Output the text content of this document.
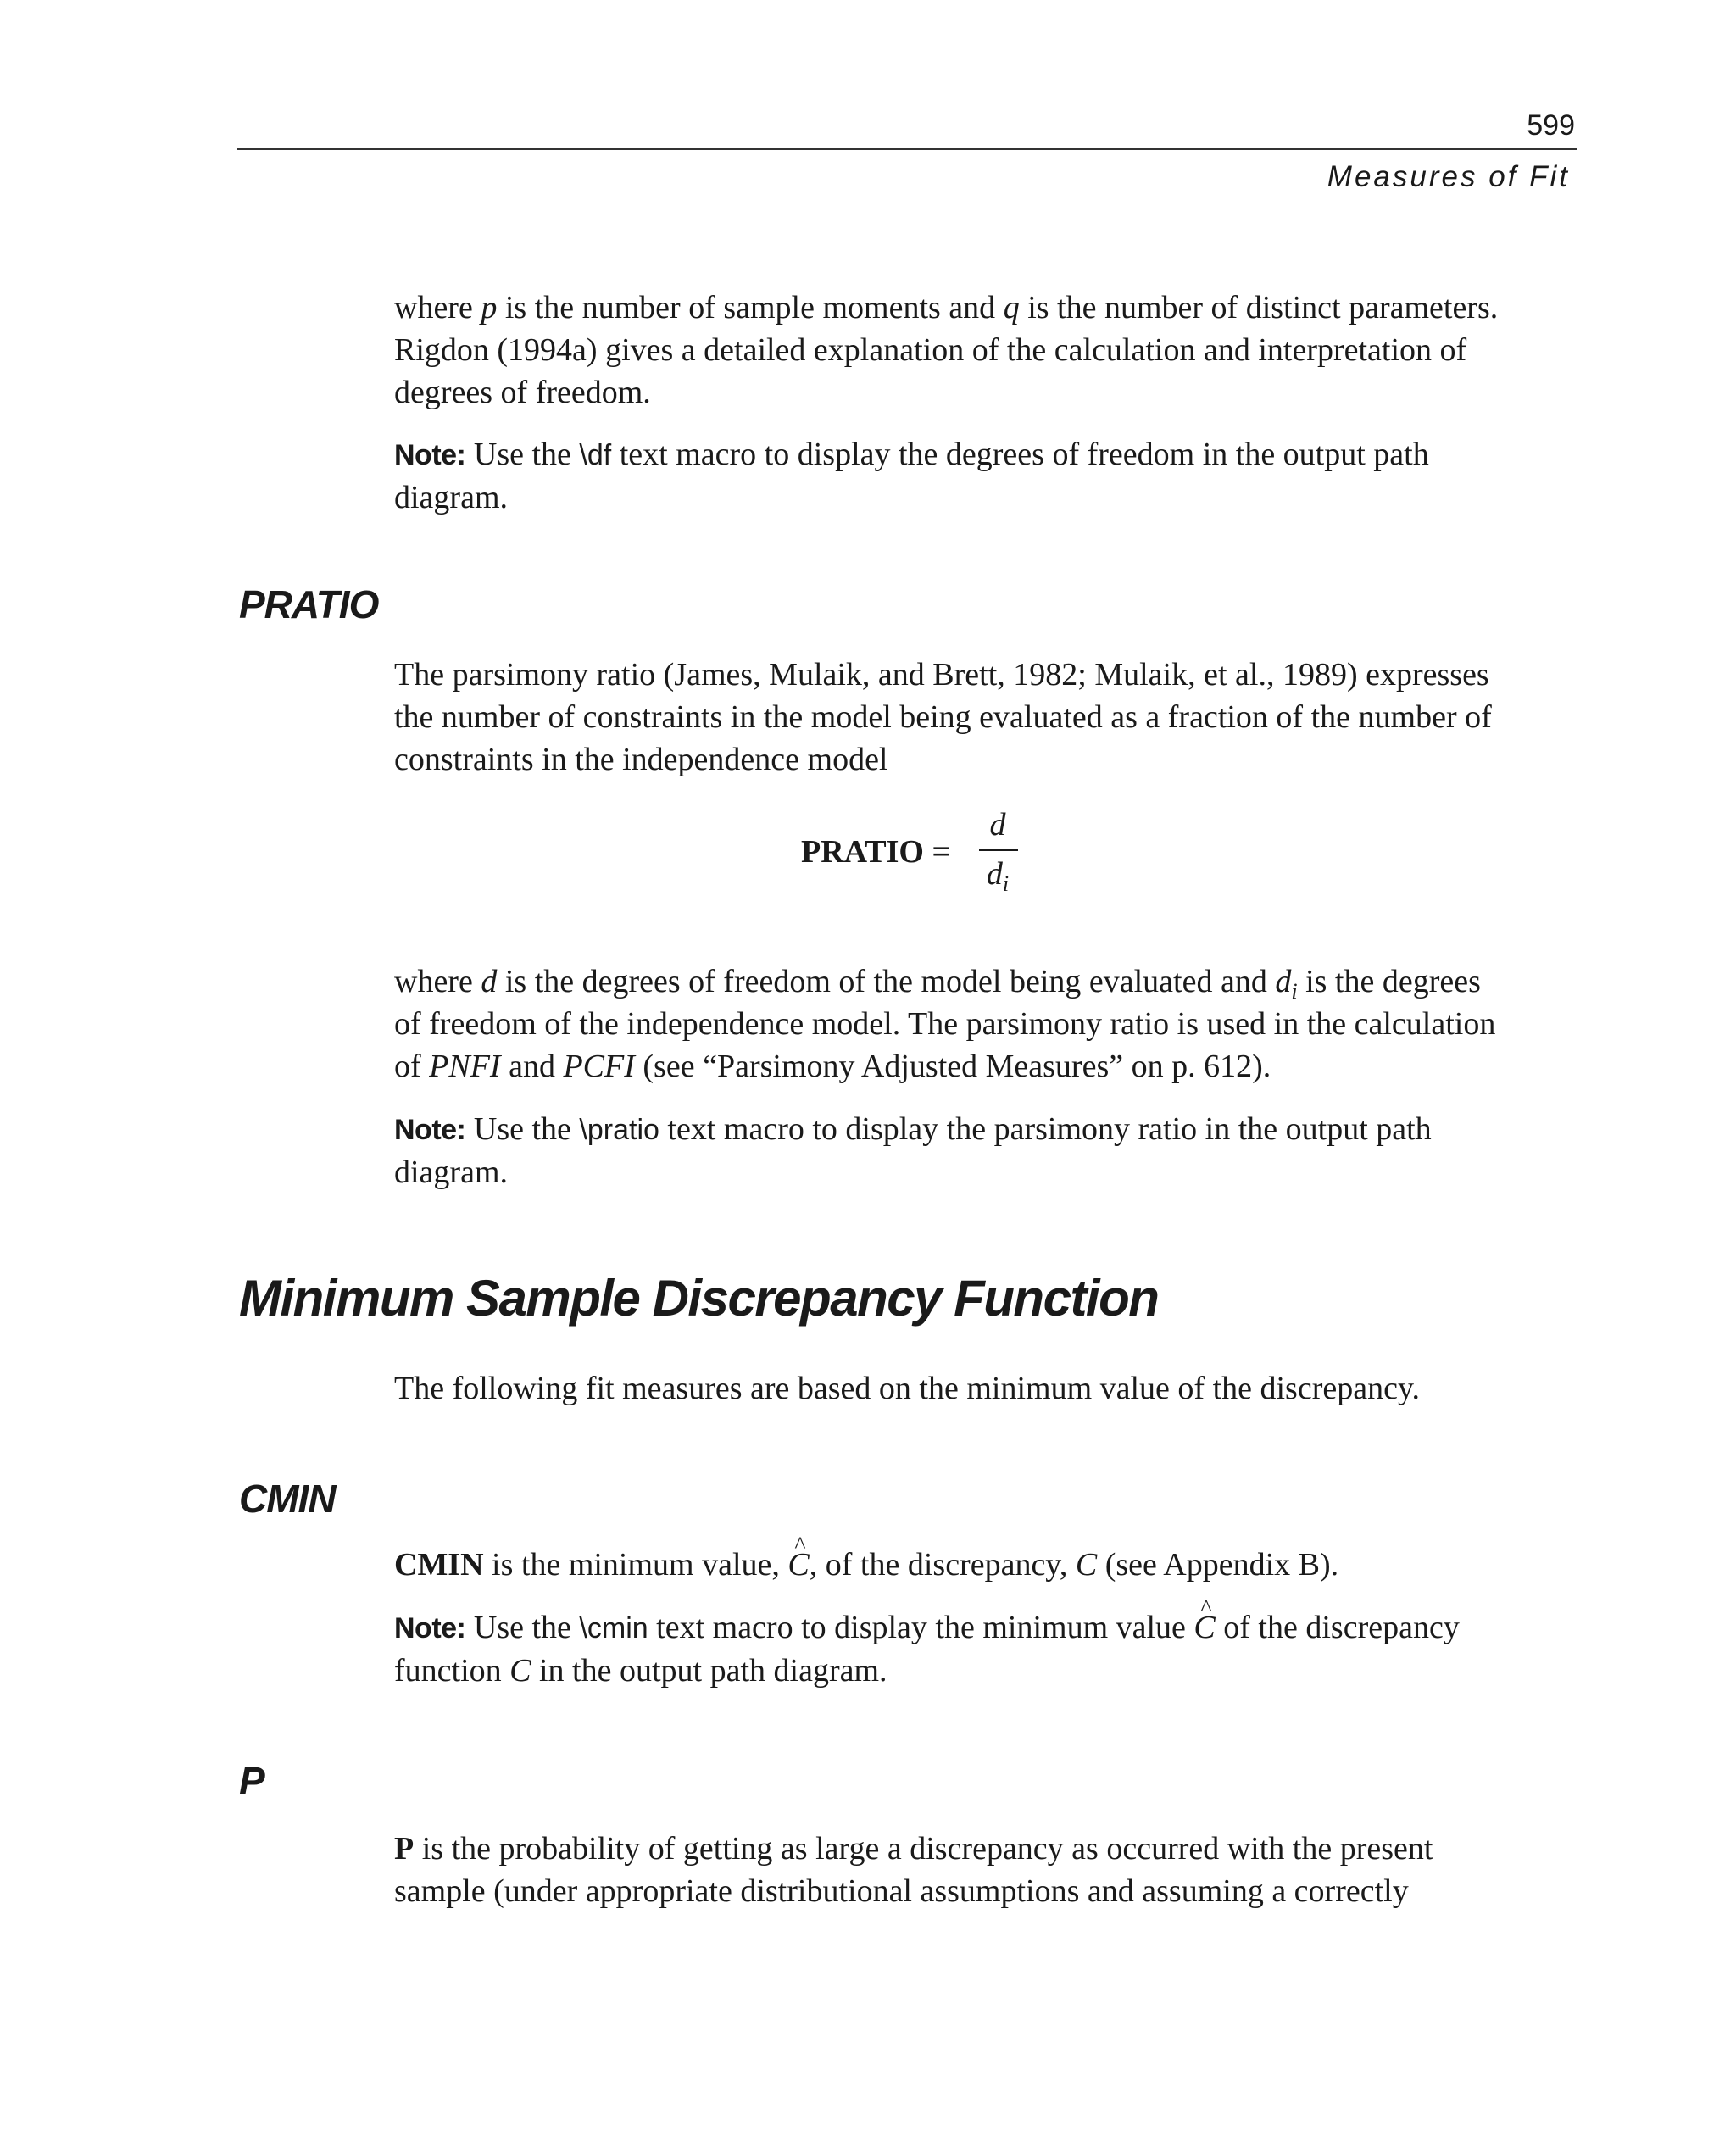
599
Measures of Fit
where p is the number of sample moments and q is the number of distinct parameters.
Rigdon (1994a) gives a detailed explanation of the calculation and interpretation of
degrees of freedom.
Note: Use the \df text macro to display the degrees of freedom in the output path
diagram.
PRATIO
The parsimony ratio (James, Mulaik, and Brett, 1982; Mulaik, et al., 1989) expresses
the number of constraints in the model being evaluated as a fraction of the number of
constraints in the independence model
PRATIO =
d
$d_i$
where d is the degrees of freedom of the model being evaluated and $d_i$ is the degrees
of freedom of the independence model. The parsimony ratio is used in the calculation
of PNFI and PCFI (see “Parsimony Adjusted Measures” on p. 612).
Note: Use the \pratio text macro to display the parsimony ratio in the output path
diagram.
Minimum Sample Discrepancy Function
The following fit measures are based on the minimum value of the discrepancy.
CMIN
CMIN is the minimum value, ^ C, of the discrepancy, C (see Appendix B).
Note: Use the \cmin text macro to display the minimum value ^ C of the discrepancy
function C in the output path diagram.
P
P is the probability of getting as large a discrepancy as occurred with the present
sample (under appropriate distributional assumptions and assuming a correctly
